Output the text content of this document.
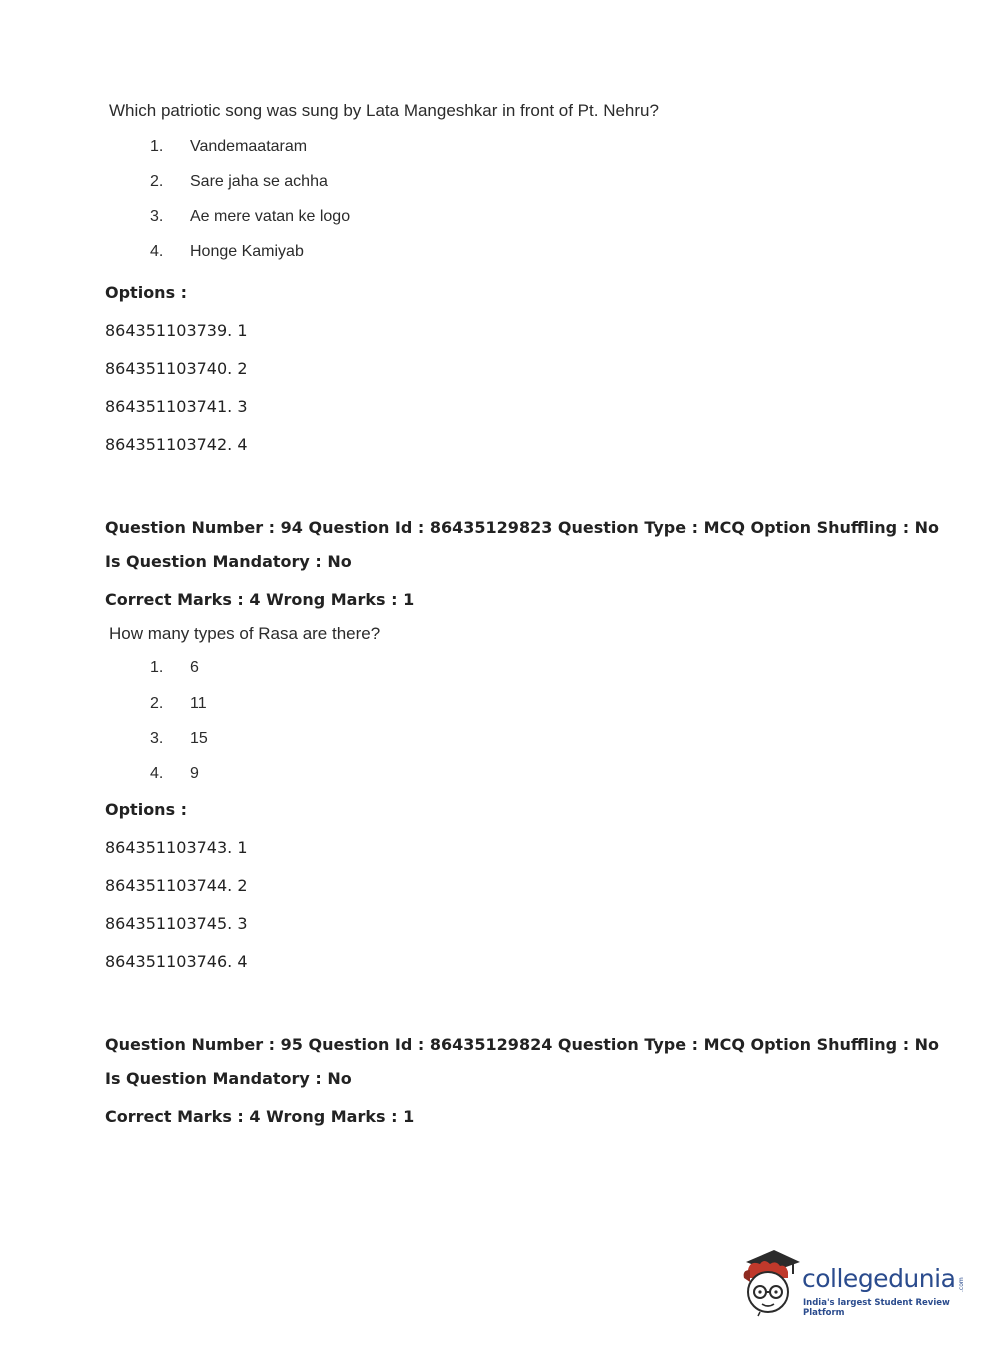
Which patriotic song was sung by Lata Mangeshkar in front of Pt. Nehru?
1. Vandemaataram
2. Sare jaha se achha
3. Ae mere vatan ke logo
4. Honge Kamiyab
Options :
864351103739. 1
864351103740. 2
864351103741. 3
864351103742. 4
Question Number : 94 Question Id : 86435129823 Question Type : MCQ Option Shuffling : No
Is Question Mandatory : No
Correct Marks : 4 Wrong Marks : 1
How many types of Rasa are there?
1. 6
2. 11
3. 15
4. 9
Options :
864351103743. 1
864351103744. 2
864351103745. 3
864351103746. 4
Question Number : 95 Question Id : 86435129824 Question Type : MCQ Option Shuffling : No
Is Question Mandatory : No
Correct Marks : 4 Wrong Marks : 1
collegedunia .com
India's largest Student Review Platform
